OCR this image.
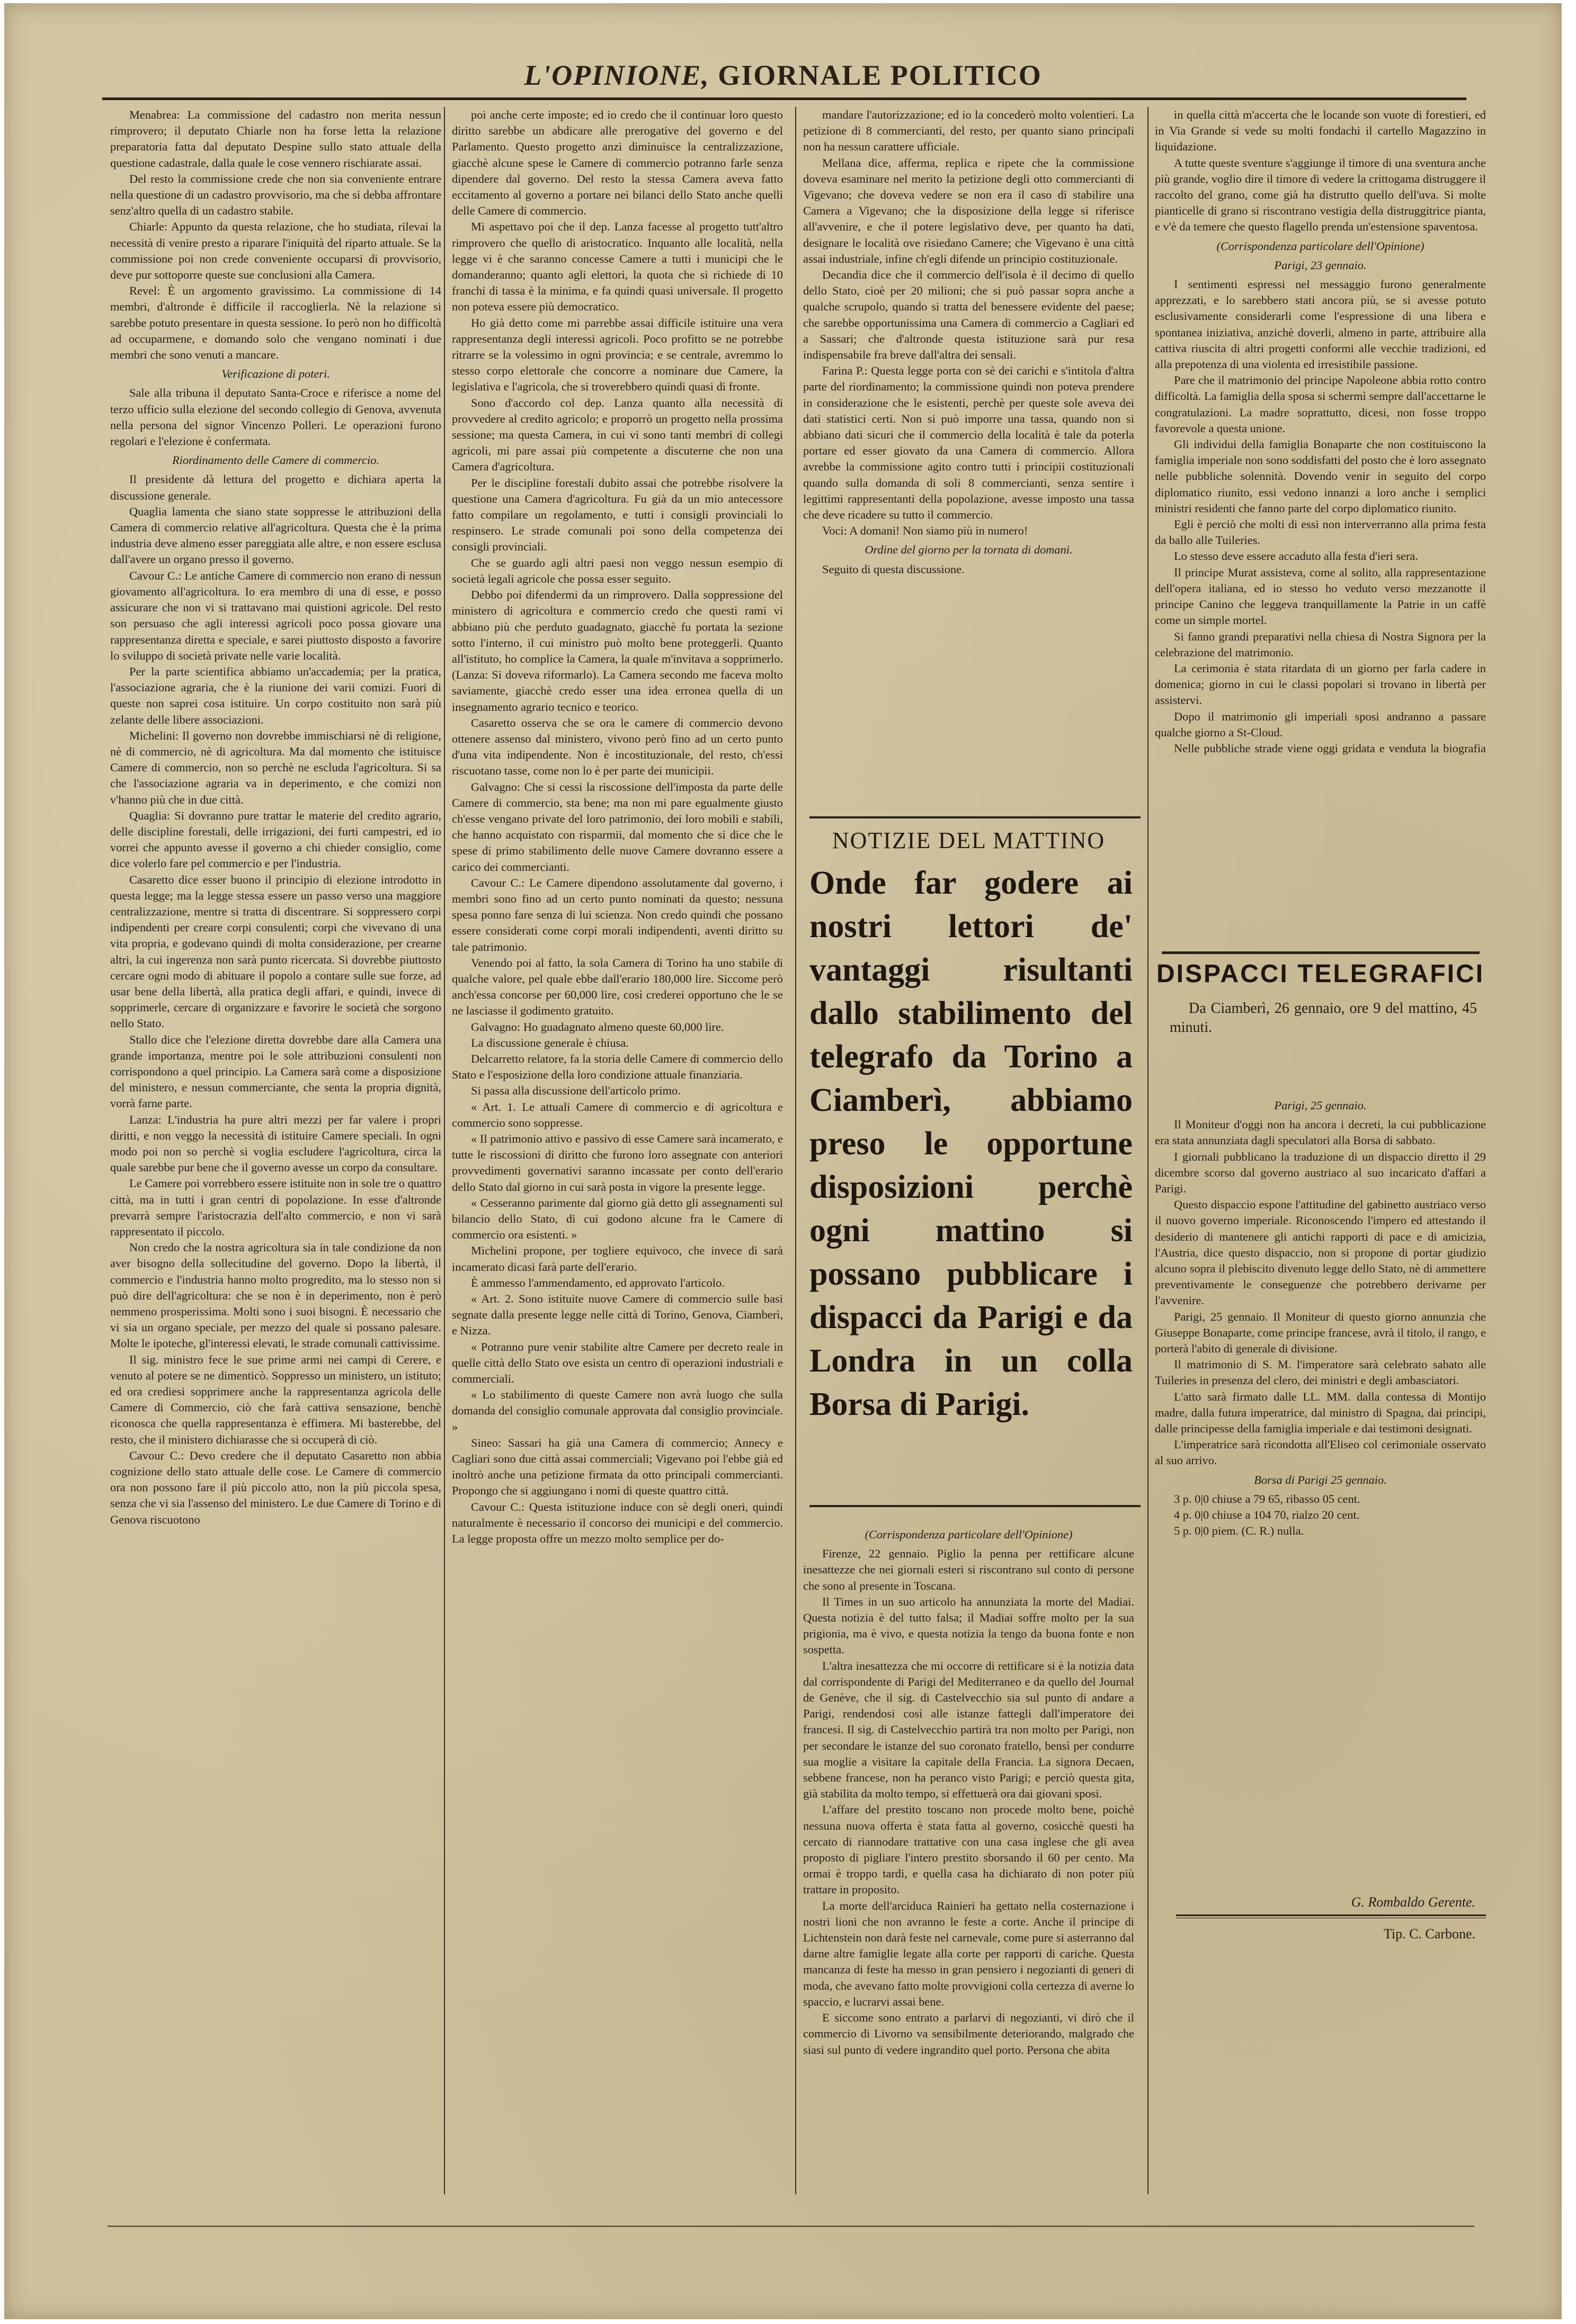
L'OPINIONE, GIORNALE POLITICO

Menabrea: La commissione del cadastro non merita nessun rimprovero; il deputato Chiarle non ha forse letta la relazione preparatoria fatta dal deputato Despine sullo stato attuale della questione cadastrale, dalla quale le cose vennero rischiarate assai.

Del resto la commissione crede che non sia conveniente entrare nella questione di un cadastro provvisorio, ma che si debba affrontare senz'altro quella di un cadastro stabile.

Chiarle: Appunto da questa relazione, che ho studiata, rilevai la necessità di venire presto a riparare l'iniquità del riparto attuale. Se la commissione poi non crede conveniente occuparsi di provvisorio, deve pur sottoporre queste sue conclusioni alla Camera.

Revel: È un argomento gravissimo. La commissione di 14 membri, d'altronde è difficile il raccoglierla. Nè la relazione si sarebbe potuto presentare in questa sessione. Io però non ho difficoltà ad occuparmene, e domando solo che vengano nominati i due membri che sono venuti a mancare.

Verificazione di poteri.

Sale alla tribuna il deputato Santa-Croce e riferisce a nome del terzo ufficio sulla elezione del secondo collegio di Genova, avvenuta nella persona del signor Vincenzo Polleri. Le operazioni furono regolari e l'elezione è confermata.

Riordinamento delle Camere di commercio.

Il presidente dà lettura del progetto e dichiara aperta la discussione generale.

Quaglia lamenta che siano state soppresse le attribuzioni della Camera di commercio relative all'agricoltura. Questa che è la prima industria deve almeno esser pareggiata alle altre, e non essere esclusa dall'avere un organo presso il governo.

Cavour C.: Le antiche Camere di commercio non erano di nessun giovamento all'agricoltura. Io era membro di una di esse, e posso assicurare che non vi si trattavano mai quistioni agricole. Del resto son persuaso che agli interessi agricoli poco possa giovare una rappresentanza diretta e speciale, e sarei piuttosto disposto a favorire lo sviluppo di società private nelle varie località.

Per la parte scientifica abbiamo un'accademia; per la pratica, l'associazione agraria, che è la riunione dei varii comizi. Fuori di queste non saprei cosa istituire. Un corpo costituito non sarà più zelante delle libere associazioni.

Michelini: Il governo non dovrebbe immischiarsi nè di religione, nè di commercio, nè di agricoltura. Ma dal momento che istituisce Camere di commercio, non so perchè ne escluda l'agricoltura. Si sa che l'associazione agraria va in deperimento, e che comizi non v'hanno più che in due città.

Quaglia: Si dovranno pure trattar le materie del credito agrario, delle discipline forestali, delle irrigazioni, dei furti campestri, ed io vorrei che appunto avesse il governo a chi chieder consiglio, come dice volerlo fare pel commercio e per l'industria.

Casaretto dice esser buono il principio di elezione introdotto in questa legge; ma la legge stessa essere un passo verso una maggiore centralizzazione, mentre si tratta di discentrare. Si soppressero corpi indipendenti per creare corpi consulenti; corpi che vivevano di una vita propria, e godevano quindi di molta considerazione, per crearne altri, la cui ingerenza non sarà punto ricercata. Si dovrebbe piuttosto cercare ogni modo di abituare il popolo a contare sulle sue forze, ad usar bene della libertà, alla pratica degli affari, e quindi, invece di sopprimerle, cercare di organizzare e favorire le società che sorgono nello Stato.

Stallo dice che l'elezione diretta dovrebbe dare alla Camera una grande importanza, mentre poi le sole attribuzioni consulenti non corrispondono a quel principio. La Camera sarà come a disposizione del ministero, e nessun commerciante, che senta la propria dignità, vorrà farne parte.

Lanza: L'industria ha pure altri mezzi per far valere i propri diritti, e non veggo la necessità di istituire Camere speciali. In ogni modo poi non so perchè si voglia escludere l'agricoltura, circa la quale sarebbe pur bene che il governo avesse un corpo da consultare.

Le Camere poi vorrebbero essere istituite non in sole tre o quattro città, ma in tutti i gran centri di popolazione. In esse d'altronde prevarrà sempre l'aristocrazia dell'alto commercio, e non vi sarà rappresentato il piccolo.

Non credo che la nostra agricoltura sia in tale condizione da non aver bisogno della sollecitudine del governo. Dopo la libertà, il commercio e l'industria hanno molto progredito, ma lo stesso non si può dire dell'agricoltura: che se non è in deperimento, non è però nemmeno prosperissima. Molti sono i suoi bisogni. È necessario che vi sia un organo speciale, per mezzo del quale si possano palesare. Molte le ipoteche, gl'interessi elevati, le strade comunali cattivissime.

Il sig. ministro fece le sue prime armi nei campi di Cerere, e venuto al potere se ne dimenticò. Soppresso un ministero, un istituto; ed ora crediesi sopprimere anche la rappresentanza agricola delle Camere di Commercio, ciò che farà cattiva sensazione, benchè riconosca che quella rappresentanza è effimera. Mi basterebbe, del resto, che il ministero dichiarasse che si occuperà di ciò.

Cavour C.: Devo credere che il deputato Casaretto non abbia cognizione dello stato attuale delle cose. Le Camere di commercio ora non possono fare il più piccolo atto, non la più piccola spesa, senza che vi sia l'assenso del ministero. Le due Camere di Torino e di Genova riscuotono

poi anche certe imposte; ed io credo che il continuar loro questo diritto sarebbe un abdicare alle prerogative del governo e del Parlamento. Questo progetto anzi diminuisce la centralizzazione, giacchè alcune spese le Camere di commercio potranno farle senza dipendere dal governo. Del resto la stessa Camera aveva fatto eccitamento al governo a portare nei bilanci dello Stato anche quelli delle Camere di commercio.

Mi aspettavo poi che il dep. Lanza facesse al progetto tutt'altro rimprovero che quello di aristocratico. Inquanto alle località, nella legge vi è che saranno concesse Camere a tutti i municipi che le domanderanno; quanto agli elettori, la quota che si richiede di 10 franchi di tassa è la minima, e fa quindi quasi universale. Il progetto non poteva essere più democratico.

Ho già detto come mi parrebbe assai difficile istituire una vera rappresentanza degli interessi agricoli. Poco profitto se ne potrebbe ritrarre se la volessimo in ogni provincia; e se centrale, avremmo lo stesso corpo elettorale che concorre a nominare due Camere, la legislativa e l'agricola, che si troverebbero quindi quasi di fronte.

Sono d'accordo col dep. Lanza quanto alla necessità di provvedere al credito agricolo; e proporrò un progetto nella prossima sessione; ma questa Camera, in cui vi sono tanti membri di collegi agricoli, mi pare assai più competente a discuterne che non una Camera d'agricoltura.

Per le discipline forestali dubito assai che potrebbe risolvere la questione una Camera d'agricoltura. Fu già da un mio antecessore fatto compilare un regolamento, e tutti i consigli provinciali lo respinsero. Le strade comunali poi sono della competenza dei consigli provinciali.

Che se guardo agli altri paesi non veggo nessun esempio di società legali agricole che possa esser seguito.

Debbo poi difendermi da un rimprovero. Dalla soppressione del ministero di agricoltura e commercio credo che questi rami vi abbiano più che perduto guadagnato, giacchè fu portata la sezione sotto l'interno, il cui ministro può molto bene proteggerli. Quanto all'istituto, ho complice la Camera, la quale m'invitava a sopprimerlo. (Lanza: Si doveva riformarlo). La Camera secondo me faceva molto saviamente, giacchè credo esser una idea erronea quella di un insegnamento agrario tecnico e teorico.

Casaretto osserva che se ora le camere di commercio devono ottenere assenso dal ministero, vivono però fino ad un certo punto d'una vita indipendente. Non è incostituzionale, del resto, ch'essi riscuotano tasse, come non lo è per parte dei municipii.

Galvagno: Che si cessi la riscossione dell'imposta da parte delle Camere di commercio, sta bene; ma non mi pare egualmente giusto ch'esse vengano private del loro patrimonio, dei loro mobili e stabili, che hanno acquistato con risparmii, dal momento che si dice che le spese di primo stabilimento delle nuove Camere dovranno essere a carico dei commercianti.

Cavour C.: Le Camere dipendono assolutamente dal governo, i membri sono fino ad un certo punto nominati da questo; nessuna spesa ponno fare senza di lui scienza. Non credo quindi che possano essere considerati come corpi morali indipendenti, aventi diritto su tale patrimonio.

Venendo poi al fatto, la sola Camera di Torino ha uno stabile di qualche valore, pel quale ebbe dall'erario 180,000 lire. Siccome però anch'essa concorse per 60,000 lire, così crederei opportuno che le se ne lasciasse il godimento gratuito.

Galvagno: Ho guadagnato almeno queste 60,000 lire.

La discussione generale è chiusa.

Delcarretto relatore, fa la storia delle Camere di commercio dello Stato e l'esposizione della loro condizione attuale finanziaria.

Si passa alla discussione dell'articolo primo.

« Art. 1. Le attuali Camere di commercio e di agricoltura e commercio sono soppresse.

« Il patrimonio attivo e passivo di esse Camere sarà incamerato, e tutte le riscossioni di diritto che furono loro assegnate con anteriori provvedimenti governativi saranno incassate per conto dell'erario dello Stato dal giorno in cui sarà posta in vigore la presente legge.

« Cesseranno parimente dal giorno già detto gli assegnamenti sul bilancio dello Stato, di cui godono alcune fra le Camere di commercio ora esistenti. »

Michelini propone, per togliere equivoco, che invece di sarà incamerato dicasi farà parte dell'erario.

È ammesso l'ammendamento, ed approvato l'articolo.

« Art. 2. Sono istituite nuove Camere di commercio sulle basi segnate dalla presente legge nelle città di Torino, Genova, Ciamberì, e Nizza.

« Potranno pure venir stabilite altre Camere per decreto reale in quelle città dello Stato ove esista un centro di operazioni industriali e commerciali.

« Lo stabilimento di queste Camere non avrà luogo che sulla domanda del consiglio comunale approvata dal consiglio provinciale. »

Sineo: Sassari ha già una Camera di commercio; Annecy e Cagliari sono due città assai commerciali; Vigevano poi l'ebbe già ed inoltrò anche una petizione firmata da otto principali commercianti. Propongo che si aggiungano i nomi di queste quattro città.

Cavour C.: Questa istituzione induce con sè degli oneri, quindi naturalmente è necessario il concorso dei municipi e del commercio. La legge proposta offre un mezzo molto semplice per do-

mandare l'autorizzazione; ed io la concederò molto volentieri. La petizione di 8 commercianti, del resto, per quanto siano principali non ha nessun carattere ufficiale.

Mellana dice, afferma, replica e ripete che la commissione doveva esaminare nel merito la petizione degli otto commercianti di Vigevano; che doveva vedere se non era il caso di stabilire una Camera a Vigevano; che la disposizione della legge si riferisce all'avvenire, e che il potere legislativo deve, per quanto ha dati, designare le località ove risiedano Camere; che Vigevano è una città assai industriale, infine ch'egli difende un principio costituzionale.

Decandia dice che il commercio dell'isola è il decimo di quello dello Stato, cioè per 20 milioni; che si può passar sopra anche a qualche scrupolo, quando si tratta del benessere evidente del paese; che sarebbe opportunissima una Camera di commercio a Cagliari ed a Sassari; che d'altronde questa istituzione sarà pur resa indispensabile fra breve dall'altra dei sensali.

Farina P.: Questa legge porta con sè dei carichi e s'intitola d'altra parte del riordinamento; la commissione quindi non poteva prendere in considerazione che le esistenti, perchè per queste sole aveva dei dati statistici certi. Non si può imporre una tassa, quando non si abbiano dati sicuri che il commercio della località è tale da poterla portare ed esser giovato da una Camera di commercio. Allora avrebbe la commissione agito contro tutti i principii costituzionali quando sulla domanda di soli 8 commercianti, senza sentire i legittimi rappresentanti della popolazione, avesse imposto una tassa che deve ricadere su tutto il commercio.

Voci: A domani! Non siamo più in numero!

Ordine del giorno per la tornata di domani.

Seguito di questa discussione.

NOTIZIE DEL MATTINO
Onde far godere ai nostri lettori de' vantaggi risultanti dallo stabilimento del telegrafo da Torino a Ciamberì, abbiamo preso le opportune disposizioni perchè ogni mattino si possano pubblicare i dispacci da Parigi e da Londra in un colla Borsa di Parigi.

(Corrispondenza particolare dell'Opinione)

Firenze, 22 gennaio. Piglio la penna per rettificare alcune inesattezze che nei giornali esteri si riscontrano sul conto di persone che sono al presente in Toscana.

Il Times in un suo articolo ha annunziata la morte del Madiai. Questa notizia è del tutto falsa; il Madiai soffre molto per la sua prigionia, ma è vivo, e questa notizia la tengo da buona fonte e non sospetta.

L'altra inesattezza che mi occorre di rettificare si è la notizia data dal corrispondente di Parigi del Mediterraneo e da quello del Journal de Genève, che il sig. di Castelvecchio sia sul punto di andare a Parigi, rendendosi così alle istanze fattegli dall'imperatore dei francesi. Il sig. di Castelvecchio partirà tra non molto per Parigi, non per secondare le istanze del suo coronato fratello, bensì per condurre sua moglie a visitare la capitale della Francia. La signora Decaen, sebbene francese, non ha peranco visto Parigi; e perciò questa gita, già stabilita da molto tempo, si effettuerà ora dai giovani sposi.

L'affare del prestito toscano non procede molto bene, poichè nessuna nuova offerta è stata fatta al governo, cosicchè questi ha cercato di riannodare trattative con una casa inglese che gli avea proposto di pigliare l'intero prestito sborsando il 60 per cento. Ma ormai è troppo tardi, e quella casa ha dichiarato di non poter più trattare in proposito.

La morte dell'arciduca Rainieri ha gettato nella costernazione i nostri lioni che non avranno le feste a corte. Anche il principe di Lichtenstein non darà feste nel carnevale, come pure si asterranno dal darne altre famiglie legate alla corte per rapporti di cariche. Questa mancanza di feste ha messo in gran pensiero i negozianti di generi di moda, che avevano fatto molte provvigioni colla certezza di averne lo spaccio, e lucrarvi assai bene.

E siccome sono entrato a parlarvi di negozianti, vi dirò che il commercio di Livorno va sensibilmente deteriorando, malgrado che siasi sul punto di vedere ingrandito quel porto. Persona che abita

in quella città m'accerta che le locande son vuote di forestieri, ed in Via Grande si vede su molti fondachi il cartello Magazzino in liquidazione.

A tutte queste sventure s'aggiunge il timore di una sventura anche più grande, voglio dire il timore di vedere la crittogama distruggere il raccolto del grano, come già ha distrutto quello dell'uva. Si molte pianticelle di grano si riscontrano vestigia della distruggitrice pianta, e v'è da temere che questo flagello prenda un'estensione spaventosa.

(Corrispondenza particolare dell'Opinione)

Parigi, 23 gennaio.

I sentimenti espressi nel messaggio furono generalmente apprezzati, e lo sarebbero stati ancora più, se si avesse potuto esclusivamente considerarli come l'espressione di una libera e spontanea iniziativa, anzichè doverli, almeno in parte, attribuire alla cattiva riuscita di altri progetti conformi alle vecchie tradizioni, ed alla prepotenza di una violenta ed irresistibile passione.

Pare che il matrimonio del principe Napoleone abbia rotto contro difficoltà. La famiglia della sposa si schermì sempre dall'accettarne le congratulazioni. La madre soprattutto, dicesi, non fosse troppo favorevole a questa unione.

Gli individui della famiglia Bonaparte che non costituiscono la famiglia imperiale non sono soddisfatti del posto che è loro assegnato nelle pubbliche solennità. Dovendo venir in seguito del corpo diplomatico riunito, essi vedono innanzi a loro anche i semplici ministri residenti che fanno parte del corpo diplomatico riunito.

Egli è perciò che molti di essi non interverranno alla prima festa da ballo alle Tuileries.

Lo stesso deve essere accaduto alla festa d'ieri sera.

Il principe Murat assisteva, come al solito, alla rappresentazione dell'opera italiana, ed io stesso ho veduto verso mezzanotte il principe Canino che leggeva tranquillamente la Patrie in un caffè come un simple mortel.

Si fanno grandi preparativi nella chiesa di Nostra Signora per la celebrazione del matrimonio.

La cerimonia è stata ritardata di un giorno per farla cadere in domenica; giorno in cui le classi popolari si trovano in libertà per assistervi.

Dopo il matrimonio gli imperiali sposi andranno a passare qualche giorno a St-Cloud.

Nelle pubbliche strade viene oggi gridata e venduta la biografia

DISPACCI TELEGRAFICI
Da Ciamberì, 26 gennaio, ore 9 del mattino, 45 minuti.

Parigi, 25 gennaio.

Il Moniteur d'oggi non ha ancora i decreti, la cui pubblicazione era stata annunziata dagli speculatori alla Borsa di sabbato.

I giornali pubblicano la traduzione di un dispaccio diretto il 29 dicembre scorso dal governo austriaco al suo incaricato d'affari a Parigi.

Questo dispaccio espone l'attitudine del gabinetto austriaco verso il nuovo governo imperiale. Riconoscendo l'impero ed attestando il desiderio di mantenere gli antichi rapporti di pace e di amicizia, l'Austria, dice questo dispaccio, non si propone di portar giudizio alcuno sopra il plebiscito divenuto legge dello Stato, nè di ammettere preventivamente le conseguenze che potrebbero derivarne per l'avvenire.

Parigi, 25 gennaio. Il Moniteur di questo giorno annunzia che Giuseppe Bonaparte, come principe francese, avrà il titolo, il rango, e porterà l'abito di generale di divisione.

Il matrimonio di S. M. l'imperatore sarà celebrato sabato alle Tuileries in presenza del clero, dei ministri e degli ambasciatori.

L'atto sarà firmato dalle LL. MM. dalla contessa di Montijo madre, dalla futura imperatrice, dal ministro di Spagna, dai principi, dalle principesse della famiglia imperiale e dai testimoni designati.

L'imperatrice sarà ricondotta all'Eliseo col cerimoniale osservato al suo arrivo.

Borsa di Parigi 25 gennaio.

3 p. 0|0 chiuse a 79 65, ribasso 05 cent.

4 p. 0|0 chiuse a 104 70, rialzo 20 cent.

5 p. 0|0 piem. (C. R.) nulla.

G. Rombaldo Gerente.
Tip. C. Carbone.
